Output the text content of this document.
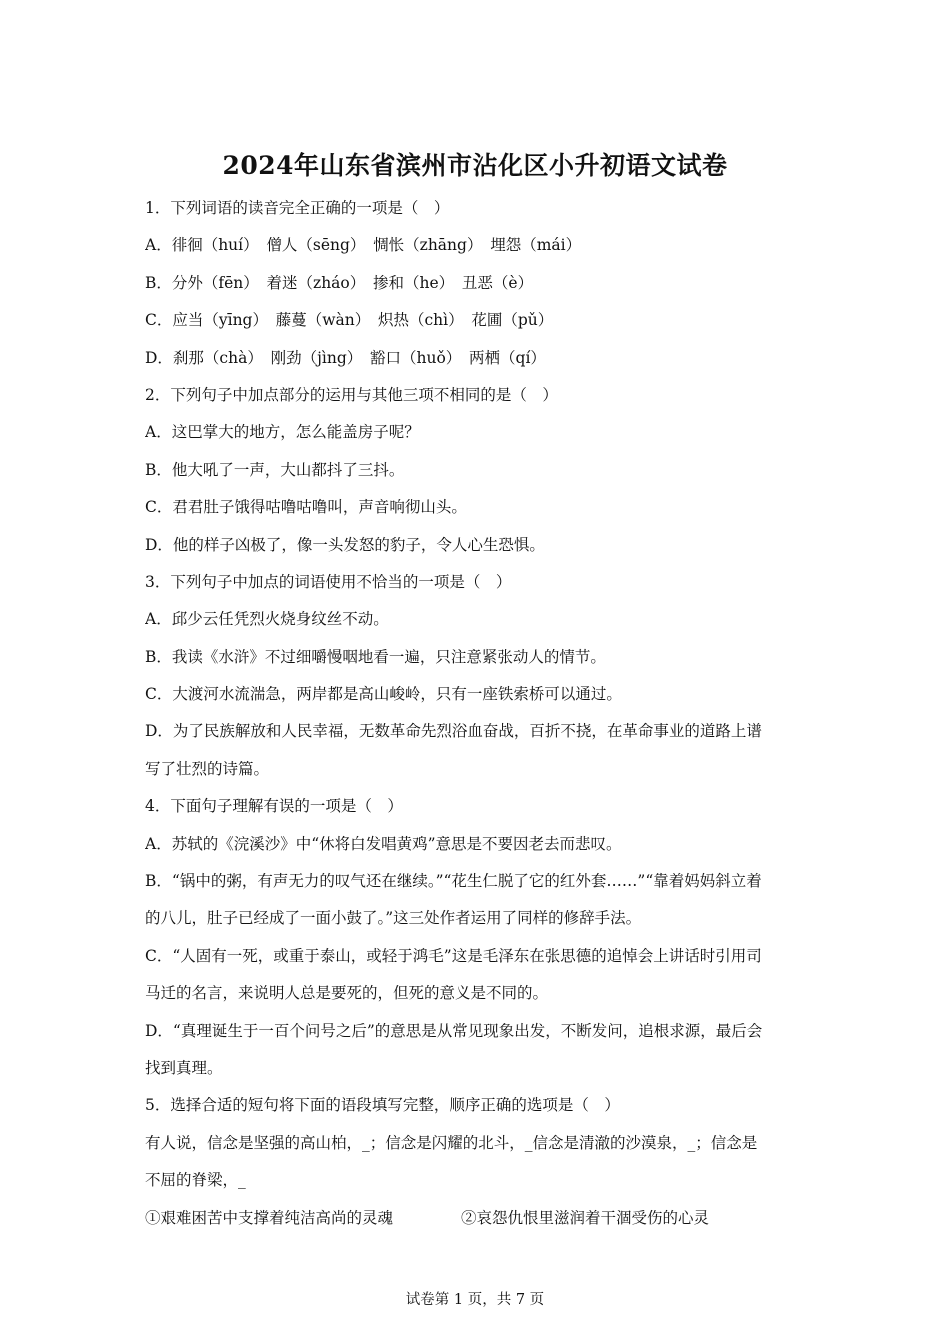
2024年山东省滨州市沾化区小升初语文试卷
1．下列词语的读音完全正确的一项是（　）
A．徘徊（huí）　僧人（sēng）　惆怅（zhāng）　埋怨（mái）
B．分外（fēn）　着迷（zháo）　掺和（he）　丑恶（è）
C．应当（yīng）　藤蔓（wàn）　炽热（chì）　花圃（pǔ）
D．刹那（chà）　刚劲（jìng）　豁口（huǒ）　两栖（qí）
2．下列句子中加点部分的运用与其他三项不相同的是（　）
A．这巴掌大的地方，怎么能盖房子呢？
B．他大吼了一声，大山都抖了三抖。
C．君君肚子饿得咕噜咕噜叫，声音响彻山头。
D．他的样子凶极了，像一头发怒的豹子，令人心生恐惧。
3．下列句子中加点的词语使用不恰当的一项是（　）
A．邱少云任凭烈火烧身纹丝不动。
B．我读《水浒》不过细嚼慢咽地看一遍，只注意紧张动人的情节。
C．大渡河水流湍急，两岸都是高山峻岭，只有一座铁索桥可以通过。
D．为了民族解放和人民幸福，无数革命先烈浴血奋战，百折不挠，在革命事业的道路上谱
写了壮烈的诗篇。
4．下面句子理解有误的一项是（　）
A．苏轼的《浣溪沙》中“休将白发唱黄鸡”意思是不要因老去而悲叹。
B．“锅中的粥，有声无力的叹气还在继续。”“花生仁脱了它的红外套……”“靠着妈妈斜立着
的八儿，肚子已经成了一面小鼓了。”这三处作者运用了同样的修辞手法。
C．“人固有一死，或重于泰山，或轻于鸿毛”这是毛泽东在张思德的追悼会上讲话时引用司
马迁的名言，来说明人总是要死的，但死的意义是不同的。
D．“真理诞生于一百个问号之后”的意思是从常见现象出发，不断发问，追根求源，最后会
找到真理。
5．选择合适的短句将下面的语段填写完整，顺序正确的选项是（　）
有人说，信念是坚强的高山柏，_；信念是闪耀的北斗，_信念是清澈的沙漠泉，_；信念是
不屈的脊梁，_
①艰难困苦中支撑着纯洁高尚的灵魂	②哀怨仇恨里滋润着干涸受伤的心灵
试卷第 1 页，共 7 页
